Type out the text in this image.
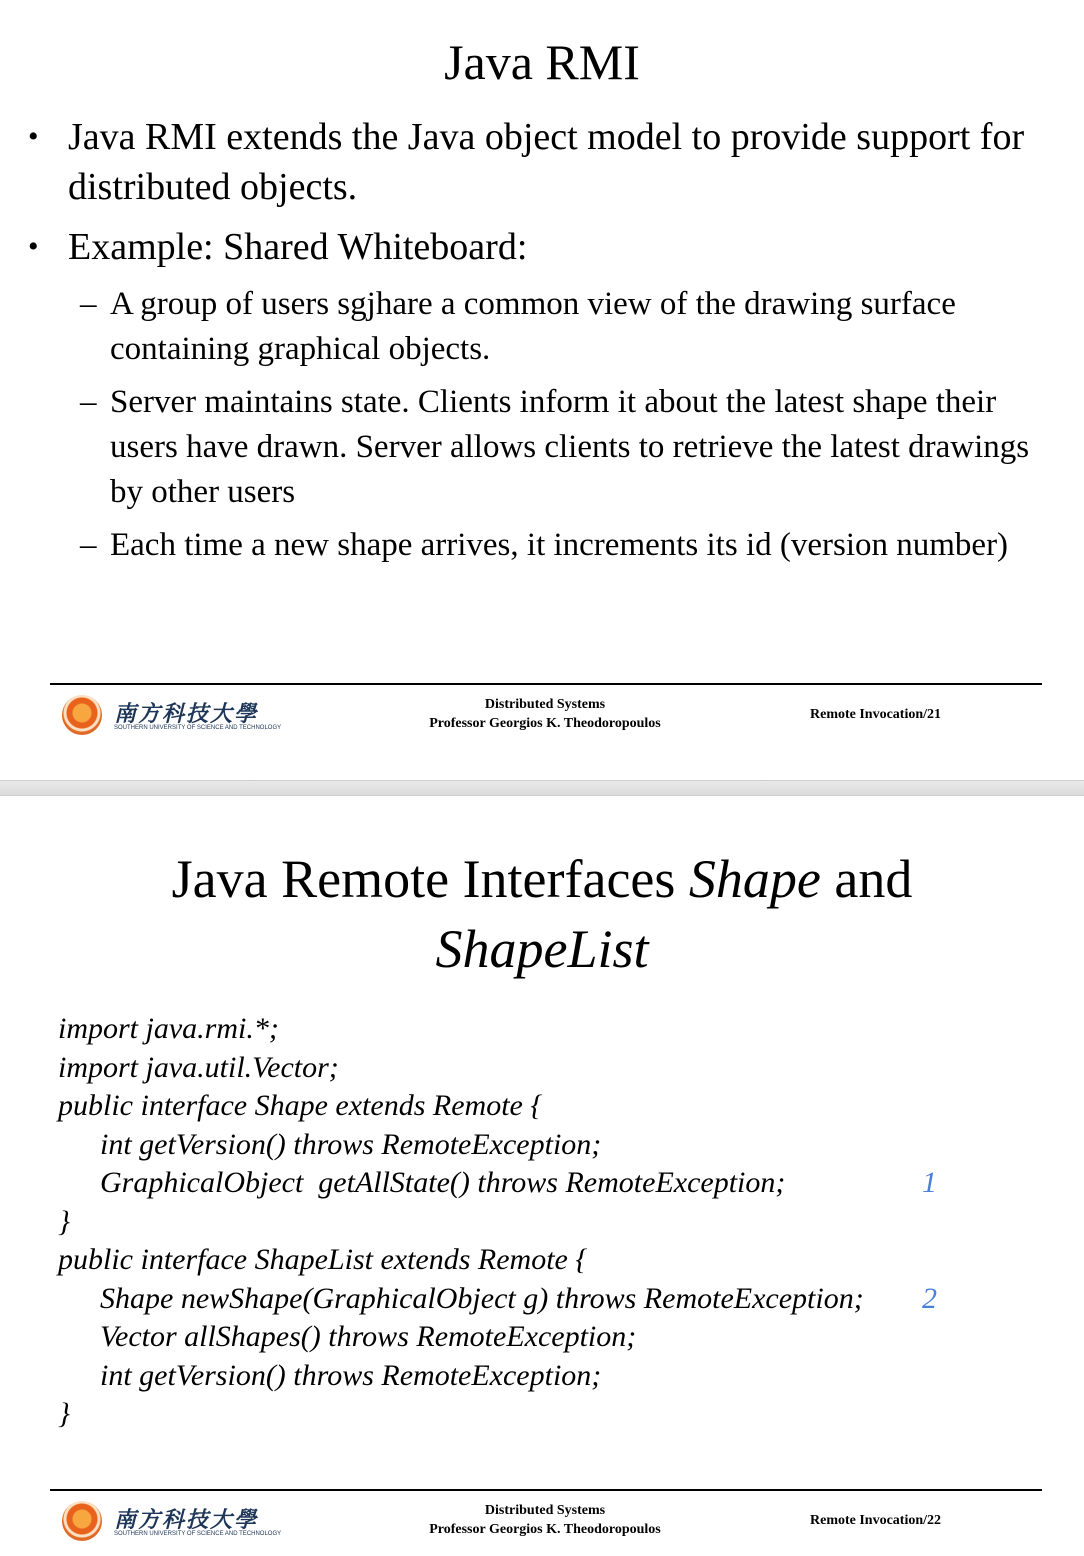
Java RMI
• Java RMI extends the Java object model to provide support for distributed objects.
• Example: Shared Whiteboard:
– A group of users sgjhare a common view of the drawing surface containing graphical objects.
– Server maintains state. Clients inform it about the latest shape their users have drawn. Server allows clients to retrieve the latest drawings by other users
– Each time a new shape arrives, it increments its id (version number)
南方科技大學
SOUTHERN UNIVERSITY OF SCIENCE AND TECHNOLOGY
Distributed Systems
Professor Georgios K. Theodoropoulos
Remote Invocation/21
Java Remote Interfaces Shape and
ShapeList
import java.rmi.*;
import java.util.Vector;
public interface Shape extends Remote {
int getVersion() throws RemoteException;
GraphicalObject  getAllState() throws RemoteException;	1
}
public interface ShapeList extends Remote {
Shape newShape(GraphicalObject g) throws RemoteException; 2
Vector allShapes() throws RemoteException;
int getVersion() throws RemoteException;
}
南方科技大學
SOUTHERN UNIVERSITY OF SCIENCE AND TECHNOLOGY
Distributed Systems
Professor Georgios K. Theodoropoulos
Remote Invocation/22
